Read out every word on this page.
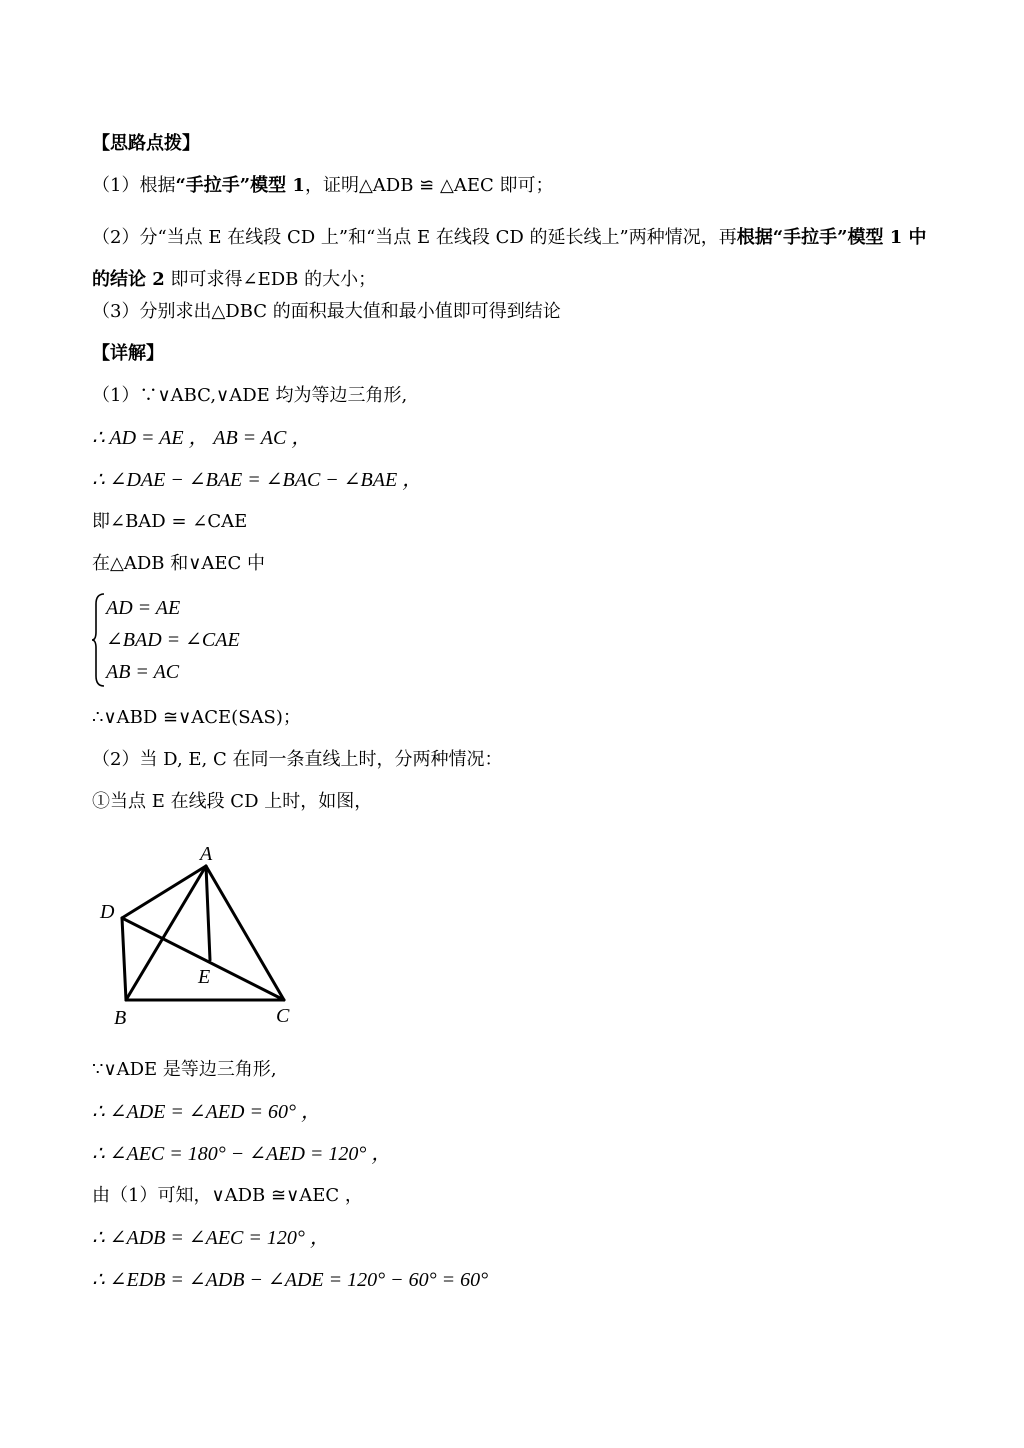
【思路点拨】
（1）根据“手拉手”模型 1，证明△ADB ≌ △AEC 即可；
（2）分“当点 E 在线段 CD 上”和“当点 E 在线段 CD 的延长线上”两种情况，再根据“手拉手”模型 1 中的结论 2 即可求得∠EDB 的大小；
（3）分别求出△DBC 的面积最大值和最小值即可得到结论
【详解】
（1）∵∨ABC,∨ADE 均为等边三角形,
∴ AD = AE ， AB = AC ，
∴ ∠DAE − ∠BAE = ∠BAC − ∠BAE ，
即∠BAD = ∠CAE
在△ADB 和∨AEC 中
AD = AE
∠BAD = ∠CAE
AB = AC
∴∨ABD ≅∨ACE(SAS)；
（2）当 D, E, C 在同一条直线上时，分两种情况：
①当点 E 在线段 CD 上时，如图，
A
D
E
B	C
∵∨ADE 是等边三角形,
∴ ∠ADE = ∠AED = 60° ，
∴ ∠AEC = 180° − ∠AED = 120° ，
由（1）可知，∨ADB ≅∨AEC ，
∴ ∠ADB = ∠AEC = 120° ，
∴ ∠EDB = ∠ADB − ∠ADE = 120° − 60° = 60°
